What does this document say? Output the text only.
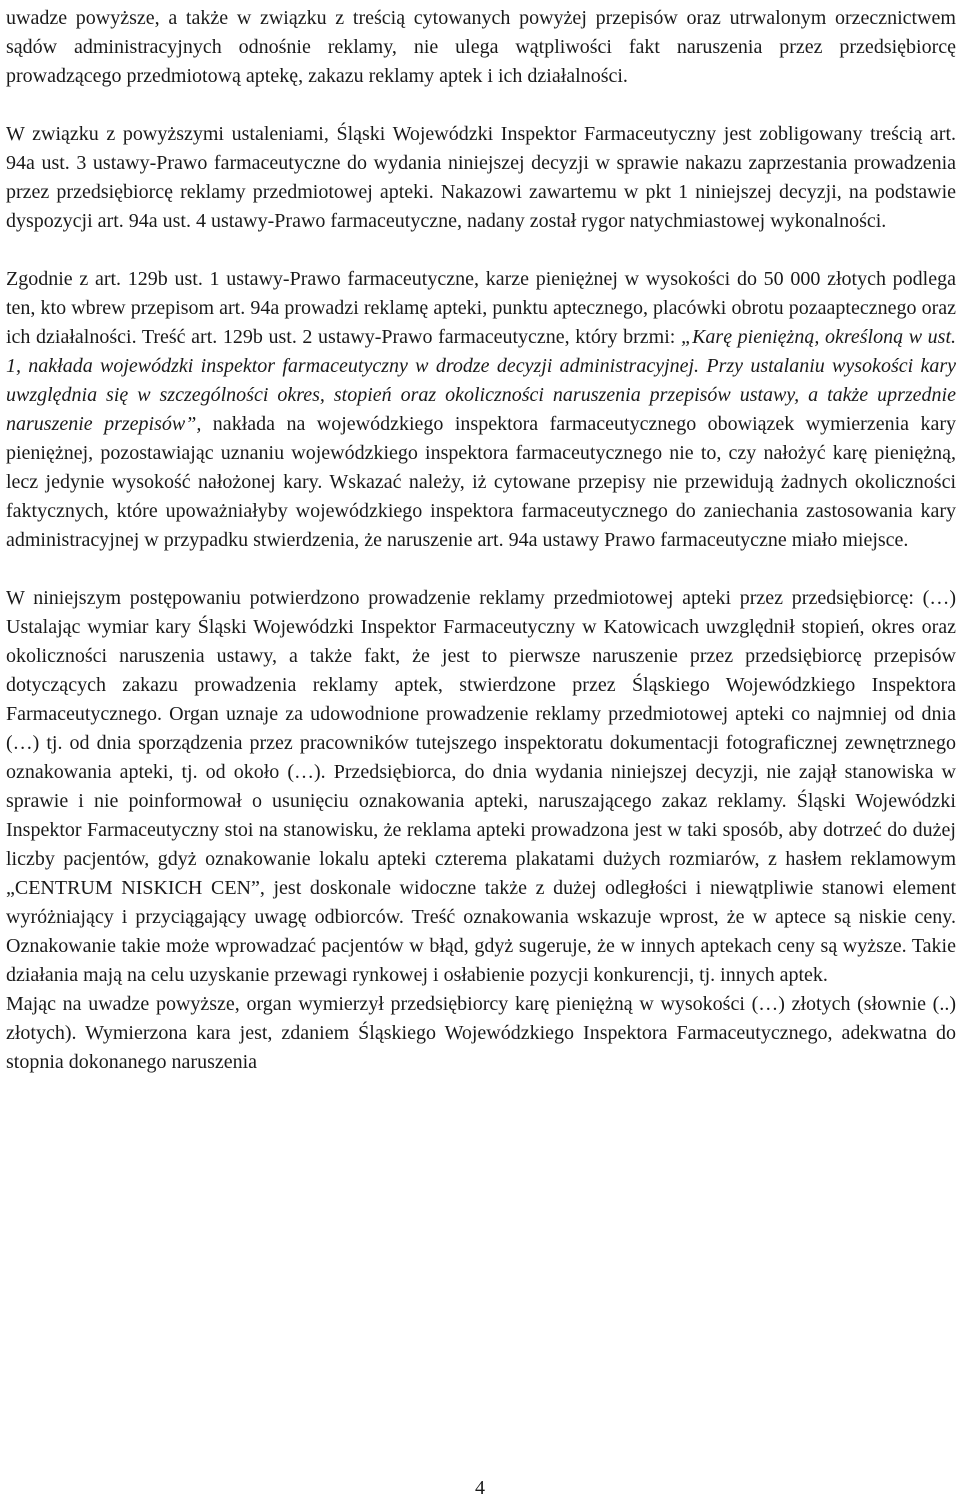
uwadze powyższe, a także w związku z treścią cytowanych powyżej przepisów oraz utrwalonym orzecznictwem sądów administracyjnych odnośnie reklamy, nie ulega wątpliwości fakt naruszenia przez przedsiębiorcę prowadzącego przedmiotową aptekę, zakazu reklamy aptek i ich działalności.

W związku z powyższymi ustaleniami, Śląski Wojewódzki Inspektor Farmaceutyczny jest zobligowany treścią art. 94a ust. 3 ustawy-Prawo farmaceutyczne do wydania niniejszej decyzji w sprawie nakazu zaprzestania prowadzenia przez przedsiębiorcę reklamy przedmiotowej apteki. Nakazowi zawartemu w pkt 1 niniejszej decyzji, na podstawie dyspozycji art. 94a ust. 4 ustawy-Prawo farmaceutyczne, nadany został rygor natychmiastowej wykonalności.

Zgodnie z art. 129b ust. 1 ustawy-Prawo farmaceutyczne, karze pieniężnej w wysokości do 50 000 złotych podlega ten, kto wbrew przepisom art. 94a prowadzi reklamę apteki, punktu aptecznego, placówki obrotu pozaaptecznego oraz ich działalności. Treść art. 129b ust. 2 ustawy-Prawo farmaceutyczne, który brzmi: „Karę pieniężną, określoną w ust. 1, nakłada wojewódzki inspektor farmaceutyczny w drodze decyzji administracyjnej. Przy ustalaniu wysokości kary uwzględnia się w szczególności okres, stopień oraz okoliczności naruszenia przepisów ustawy, a także uprzednie naruszenie przepisów”, nakłada na wojewódzkiego inspektora farmaceutycznego obowiązek wymierzenia kary pieniężnej, pozostawiając uznaniu wojewódzkiego inspektora farmaceutycznego nie to, czy nałożyć karę pieniężną, lecz jedynie wysokość nałożonej kary. Wskazać należy, iż cytowane przepisy nie przewidują żadnych okoliczności faktycznych, które upoważniałyby wojewódzkiego inspektora farmaceutycznego do zaniechania zastosowania kary administracyjnej w przypadku stwierdzenia, że naruszenie art. 94a ustawy Prawo farmaceutyczne miało miejsce.

W niniejszym postępowaniu potwierdzono prowadzenie reklamy przedmiotowej apteki przez przedsiębiorcę: (…) Ustalając wymiar kary Śląski Wojewódzki Inspektor Farmaceutyczny w Katowicach uwzględnił stopień, okres oraz okoliczności naruszenia ustawy, a także fakt, że jest to pierwsze naruszenie przez przedsiębiorcę przepisów dotyczących zakazu prowadzenia reklamy aptek, stwierdzone przez Śląskiego Wojewódzkiego Inspektora Farmaceutycznego. Organ uznaje za udowodnione prowadzenie reklamy przedmiotowej apteki co najmniej od dnia (…) tj. od dnia sporządzenia przez pracowników tutejszego inspektoratu dokumentacji fotograficznej zewnętrznego oznakowania apteki, tj. od około (…). Przedsiębiorca, do dnia wydania niniejszej decyzji, nie zajął stanowiska w sprawie i nie poinformował o usunięciu oznakowania apteki, naruszającego zakaz reklamy. Śląski Wojewódzki Inspektor Farmaceutyczny stoi na stanowisku, że reklama apteki prowadzona jest w taki sposób, aby dotrzeć do dużej liczby pacjentów, gdyż oznakowanie lokalu apteki czterema plakatami dużych rozmiarów, z hasłem reklamowym „CENTRUM NISKICH CEN”, jest doskonale widoczne także z dużej odległości i niewątpliwie stanowi element wyróżniający i przyciągający uwagę odbiorców. Treść oznakowania wskazuje wprost, że w aptece są niskie ceny. Oznakowanie takie może wprowadzać pacjentów w błąd, gdyż sugeruje, że w innych aptekach ceny są wyższe. Takie działania mają na celu uzyskanie przewagi rynkowej i osłabienie pozycji konkurencji, tj. innych aptek.

Mając na uwadze powyższe, organ wymierzył przedsiębiorcy karę pieniężną w wysokości (…) złotych (słownie (..) złotych). Wymierzona kara jest, zdaniem Śląskiego Wojewódzkiego Inspektora Farmaceutycznego, adekwatna do stopnia dokonanego naruszenia

4
